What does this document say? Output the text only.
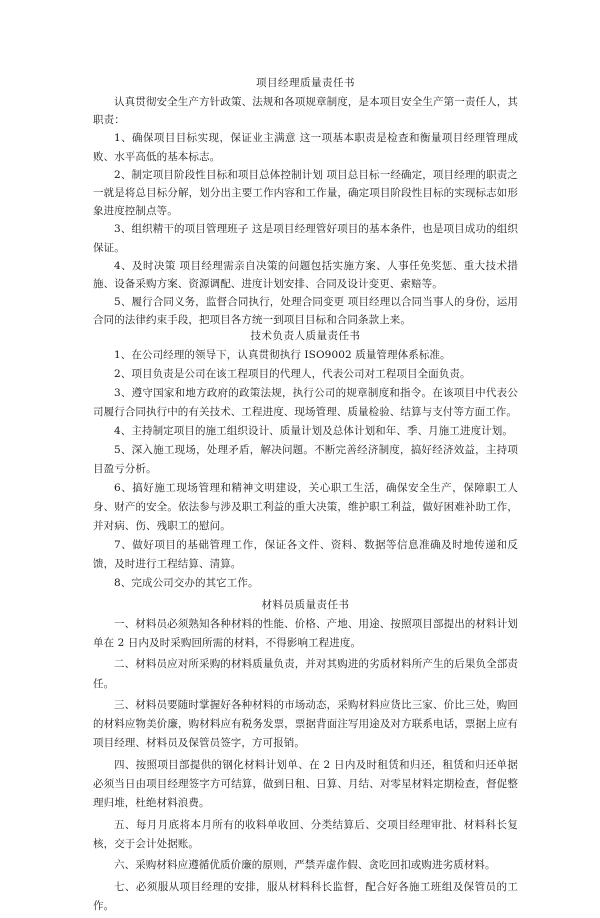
项目经理质量责任书

认真贯彻安全生产方针政策、法规和各项规章制度，是本项目安全生产第一责任人，其职责：

1、确保项目目标实现，保证业主满意 这一项基本职责是检查和衡量项目经理管理成败、水平高低的基本标志。

2、制定项目阶段性目标和项目总体控制计划 项目总目标一经确定，项目经理的职责之一就是将总目标分解，划分出主要工作内容和工作量，确定项目阶段性目标的实现标志如形象进度控制点等。

3、组织精干的项目管理班子 这是项目经理管好项目的基本条件，也是项目成功的组织保证。

4、及时决策 项目经理需亲自决策的问题包括实施方案、人事任免奖惩、重大技术措施、设备采购方案、资源调配、进度计划安排、合同及设计变更、索赔等。

5、履行合同义务，监督合同执行，处理合同变更 项目经理以合同当事人的身份，运用合同的法律约束手段，把项目各方统一到项目目标和合同条款上来。

技术负责人质量责任书

1、在公司经理的领导下，认真贯彻执行 ISO9002 质量管理体系标准。

2、项目负责是公司在该工程项目的代理人，代表公司对工程项目全面负责。

3、遵守国家和地方政府的政策法规，执行公司的规章制度和指令。在该项目中代表公司履行合同执行中的有关技术、工程进度、现场管理、质量检验、结算与支付等方面工作。

4、主持制定项目的施工组织设计、质量计划及总体计划和年、季、月施工进度计划。

5、深入施工现场，处理矛盾，解决问题。不断完善经济制度，搞好经济效益，主持项目盈亏分析。

6、搞好施工现场管理和精神文明建设，关心职工生活，确保安全生产，保障职工人身、财产的安全。依法参与涉及职工利益的重大决策，维护职工利益，做好困难补助工作，并对病、伤、残职工的慰问。

7、做好项目的基础管理工作，保证各文件、资料、数据等信息准确及时地传递和反馈，及时进行工程结算、清算。

8、完成公司交办的其它工作。

材料员质量责任书

一、材料员必须熟知各种材料的性能、价格、产地、用途、按照项目部提出的材料计划单在 2 日内及时采购回所需的材料，不得影响工程进度。

二、材料员应对所采购的材料质量负责，并对其购进的劣质材料所产生的后果负全部责任。

三、材料员要随时掌握好各种材料的市场动态，采购材料应货比三家、价比三处，购回的材料应物美价廉，购材料应有税务发票，票据背面注写用途及对方联系电话，票据上应有项目经理、材料员及保管员签字，方可报销。

四、按照项目部提供的钢化材料计划单、在 2 日内及时租赁和归还，租赁和归还单据必须当日由项目经理签字方可结算，做到日租、日算、月结、对零星材料定期检查，督促整理归堆，杜绝材料浪费。

五、每月月底将本月所有的收料单收回、分类结算后、交项目经理审批、材料科长复核，交于会计处据账。

六、采购材料应遵循优质价廉的原则，严禁弄虚作假、贪吃回扣或购进劣质材料。

七、必须服从项目经理的安排，服从材料科长监督，配合好各施工班组及保管员的工作。
